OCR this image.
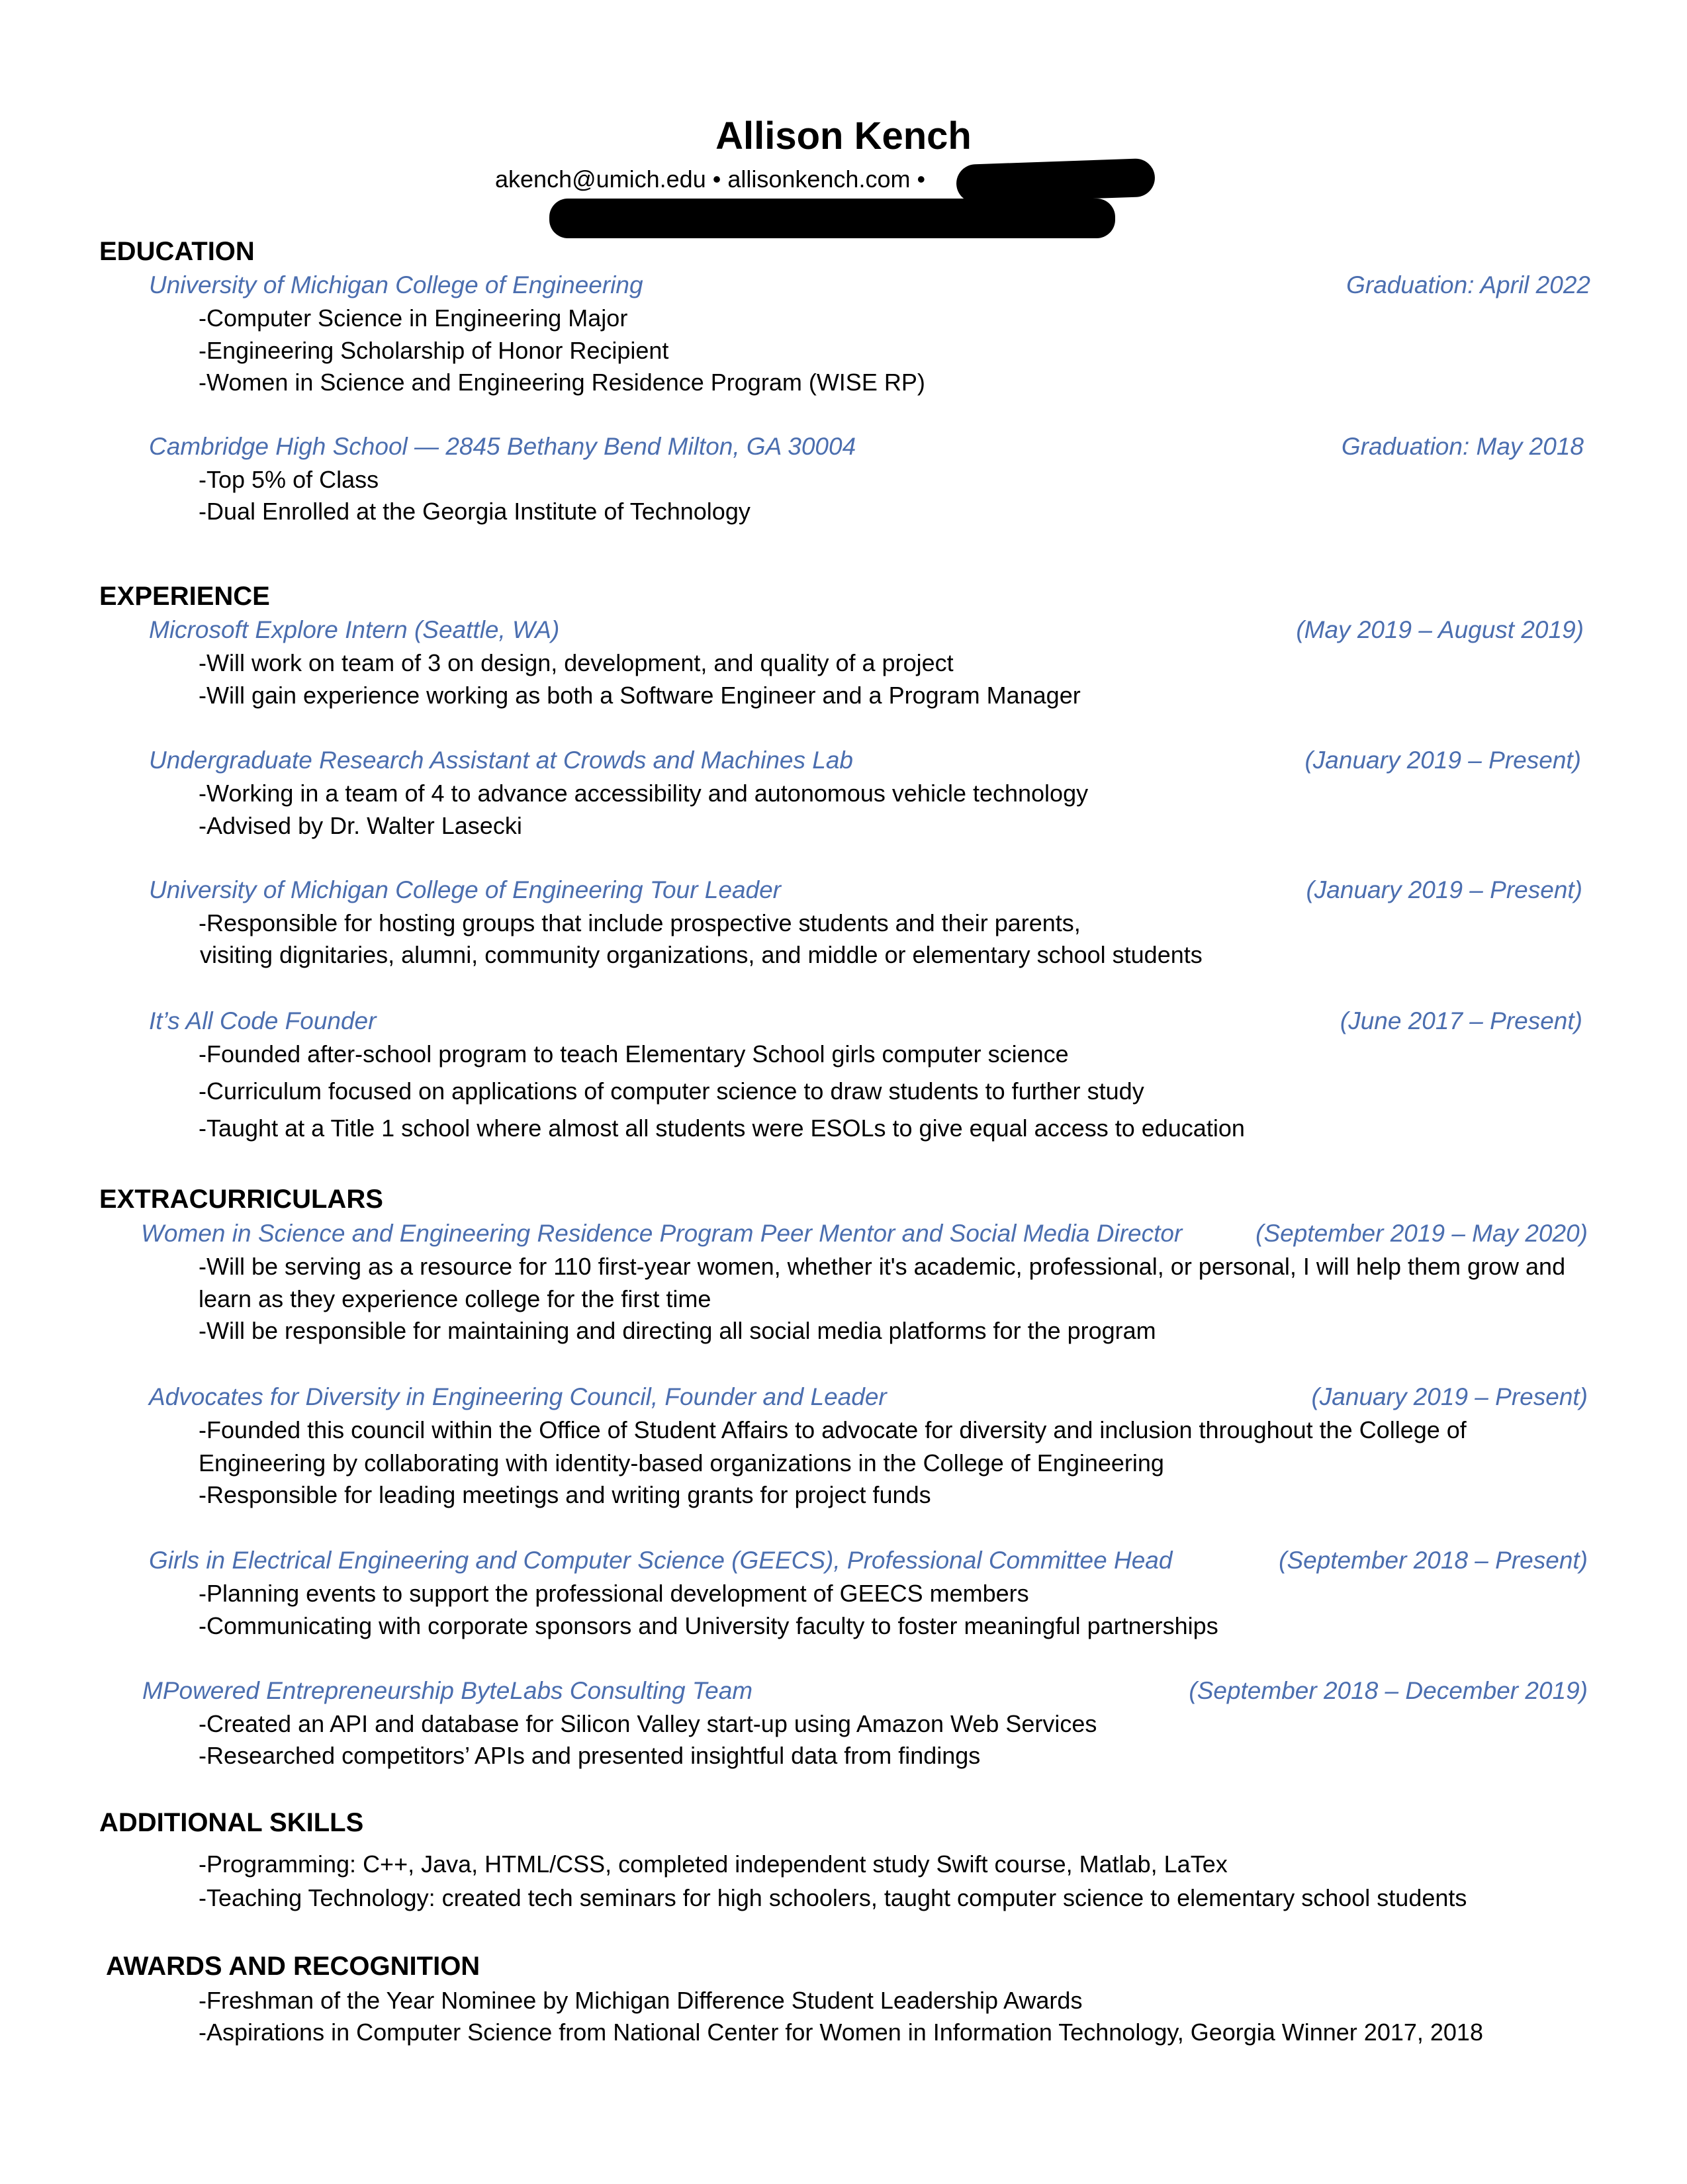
Allison Kench
akench@umich.edu • allisonkench.com •
EDUCATION
University of Michigan College of Engineering	Graduation: April 2022
-Computer Science in Engineering Major
-Engineering Scholarship of Honor Recipient
-Women in Science and Engineering Residence Program (WISE RP)
Cambridge High School — 2845 Bethany Bend Milton, GA 30004	Graduation: May 2018
-Top 5% of Class
-Dual Enrolled at the Georgia Institute of Technology
EXPERIENCE
Microsoft Explore Intern (Seattle, WA)	(May 2019 – August 2019)
-Will work on team of 3 on design, development, and quality of a project
-Will gain experience working as both a Software Engineer and a Program Manager
Undergraduate Research Assistant at Crowds and Machines Lab	(January 2019 – Present)
-Working in a team of 4 to advance accessibility and autonomous vehicle technology
-Advised by Dr. Walter Lasecki
University of Michigan College of Engineering Tour Leader	(January 2019 – Present)
-Responsible for hosting groups that include prospective students and their parents,
visiting dignitaries, alumni, community organizations, and middle or elementary school students
It’s All Code Founder	(June 2017 – Present)
-Founded after-school program to teach Elementary School girls computer science
-Curriculum focused on applications of computer science to draw students to further study
-Taught at a Title 1 school where almost all students were ESOLs to give equal access to education
EXTRACURRICULARS
Women in Science and Engineering Residence Program Peer Mentor and Social Media Director	(September 2019 – May 2020)
-Will be serving as a resource for 110 first-year women, whether it's academic, professional, or personal, I will help them grow and
learn as they experience college for the first time
-Will be responsible for maintaining and directing all social media platforms for the program
Advocates for Diversity in Engineering Council, Founder and Leader	(January 2019 – Present)
-Founded this council within the Office of Student Affairs to advocate for diversity and inclusion throughout the College of
Engineering by collaborating with identity-based organizations in the College of Engineering
-Responsible for leading meetings and writing grants for project funds
Girls in Electrical Engineering and Computer Science (GEECS), Professional Committee Head	(September 2018 – Present)
-Planning events to support the professional development of GEECS members
-Communicating with corporate sponsors and University faculty to foster meaningful partnerships
MPowered Entrepreneurship ByteLabs Consulting Team	(September 2018 – December 2019)
-Created an API and database for Silicon Valley start-up using Amazon Web Services
-Researched competitors’ APIs and presented insightful data from findings
ADDITIONAL SKILLS
-Programming: C++, Java, HTML/CSS, completed independent study Swift course, Matlab, LaTex
-Teaching Technology: created tech seminars for high schoolers, taught computer science to elementary school students
AWARDS AND RECOGNITION
-Freshman of the Year Nominee by Michigan Difference Student Leadership Awards
-Aspirations in Computer Science from National Center for Women in Information Technology, Georgia Winner 2017, 2018
